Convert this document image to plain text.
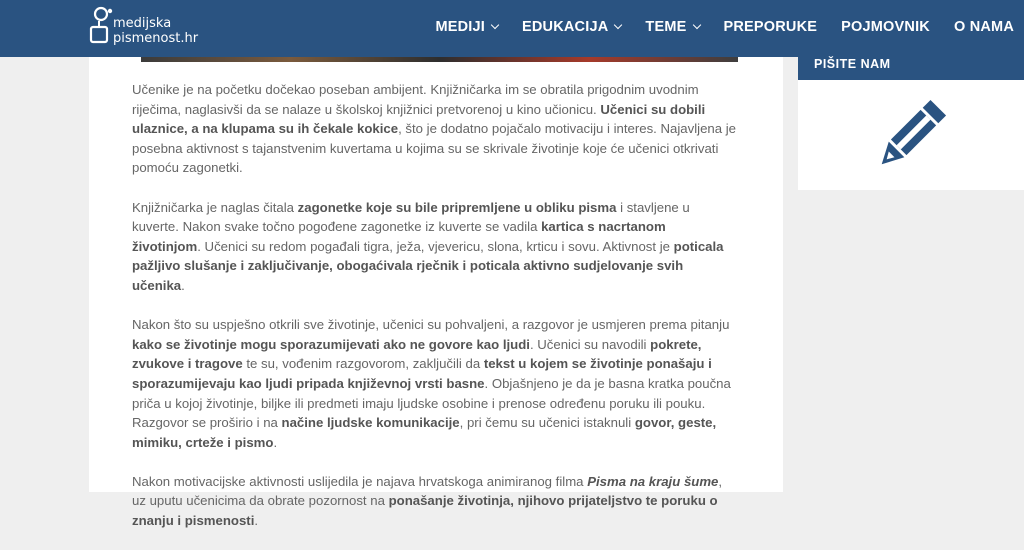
medijska
pismenost.hr
MEDIJI	EDUKACIJA	TEME	PREPORUKE POJMOVNIK O NAMA

Učenike je na početku dočekao poseban ambijent. Knjižničarka im se obratila prigodnim uvodnim riječima, naglasivši da se nalaze u školskoj knjižnici pretvorenoj u kino učionicu. Učenici su dobili ulaznice, a na klupama su ih čekale kokice, što je dodatno pojačalo motivaciju i interes. Najavljena je posebna aktivnost s tajanstvenim kuvertama u kojima su se skrivale životinje koje će učenici otkrivati pomoću zagonetki.

Knjižničarka je naglas čitala zagonetke koje su bile pripremljene u obliku pisma i stavljene u kuverte. Nakon svake točno pogođene zagonetke iz kuverte se vadila kartica s nacrtanom životinjom. Učenici su redom pogađali tigra, ježa, vjevericu, slona, krticu i sovu. Aktivnost je poticala pažljivo slušanje i zaključivanje, obogaćivala rječnik i poticala aktivno sudjelovanje svih učenika.

Nakon što su uspješno otkrili sve životinje, učenici su pohvaljeni, a razgovor je usmjeren prema pitanju kako se životinje mogu sporazumijevati ako ne govore kao ljudi. Učenici su navodili pokrete, zvukove i tragove te su, vođenim razgovorom, zaključili da tekst u kojem se životinje ponašaju i sporazumijevaju kao ljudi pripada književnoj vrsti basne. Objašnjeno je da je basna kratka poučna priča u kojoj životinje, biljke ili predmeti imaju ljudske osobine i prenose određenu poruku ili pouku. Razgovor se proširio i na načine ljudske komunikacije, pri čemu su učenici istaknuli govor, geste, mimiku, crteže i pismo.

Nakon motivacijske aktivnosti uslijedila je najava hrvatskoga animiranog filma Pisma na kraju šume, uz uputu učenicima da obrate pozornost na ponašanje životinja, njihovo prijateljstvo te poruku o znanju i pismenosti.

PIŠITE NAM
